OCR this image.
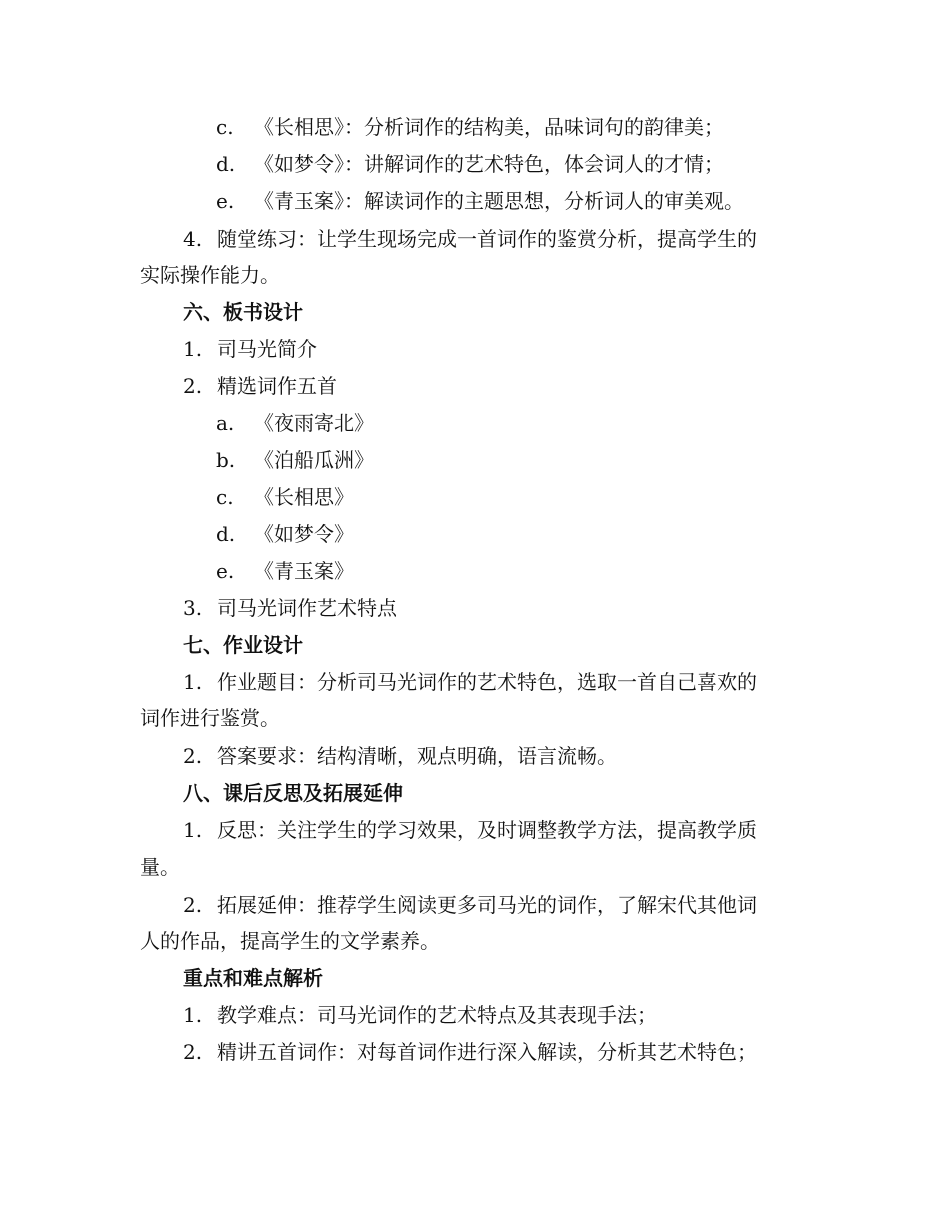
c. 《长相思》：分析词作的结构美，品味词句的韵律美；
d. 《如梦令》：讲解词作的艺术特色，体会词人的才情；
e. 《青玉案》：解读词作的主题思想，分析词人的审美观。
4. 随堂练习：让学生现场完成一首词作的鉴赏分析，提高学生的
实际操作能力。
六、板书设计
1. 司马光简介
2. 精选词作五首
a. 《夜雨寄北》
b. 《泊船瓜洲》
c. 《长相思》
d. 《如梦令》
e. 《青玉案》
3. 司马光词作艺术特点
七、作业设计
1. 作业题目：分析司马光词作的艺术特色，选取一首自己喜欢的
词作进行鉴赏。
2. 答案要求：结构清晰，观点明确，语言流畅。
八、课后反思及拓展延伸
1. 反思：关注学生的学习效果，及时调整教学方法，提高教学质
量。
2. 拓展延伸：推荐学生阅读更多司马光的词作，了解宋代其他词
人的作品，提高学生的文学素养。
重点和难点解析
1. 教学难点：司马光词作的艺术特点及其表现手法；
2. 精讲五首词作：对每首词作进行深入解读，分析其艺术特色；
